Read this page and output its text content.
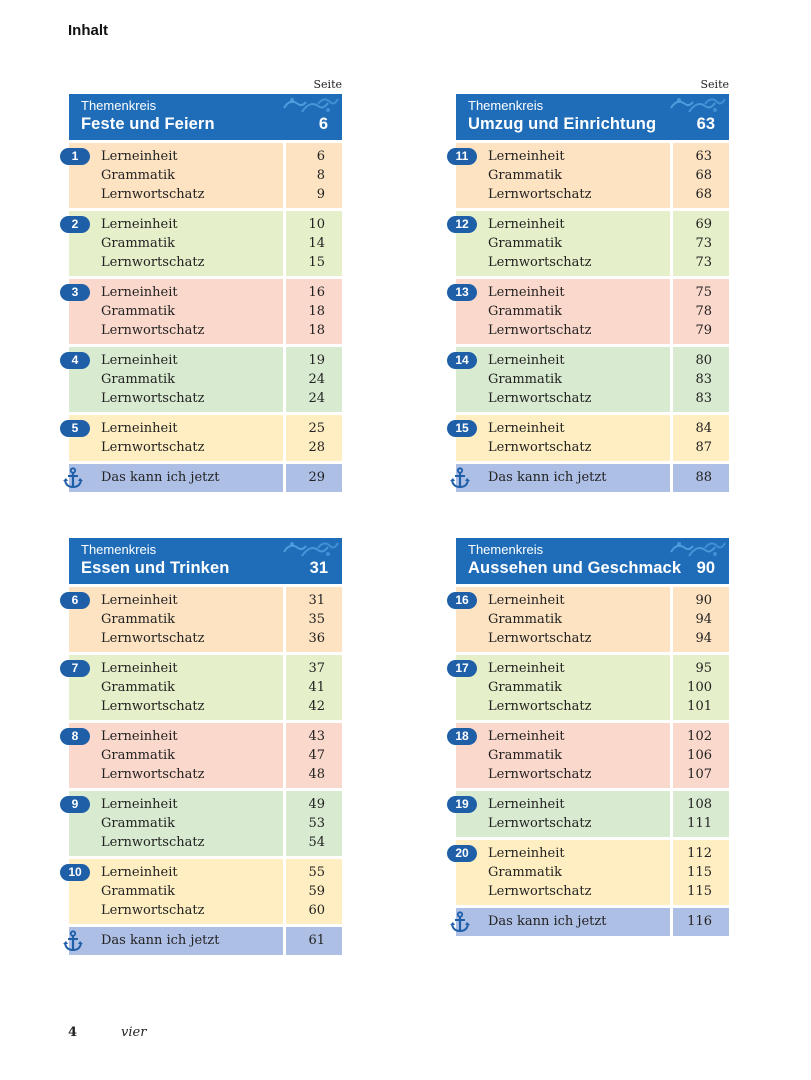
Inhalt
Seite
Themenkreis
Feste und Feiern	6
1	Lerneinheit	6
Grammatik	8
Lernwortschatz	9
2	Lerneinheit	10
Grammatik	14
Lernwortschatz	15
3	Lerneinheit	16
Grammatik	18
Lernwortschatz	18
4	Lerneinheit	19
Grammatik	24
Lernwortschatz	24
5	Lerneinheit	25
Lernwortschatz	28
Das kann ich jetzt	29
Seite
Themenkreis
Umzug und Einrichtung 63
11	Lerneinheit	63
Grammatik	68
Lernwortschatz	68
12	Lerneinheit	69
Grammatik	73
Lernwortschatz	73
13	Lerneinheit	75
Grammatik	78
Lernwortschatz	79
14	Lerneinheit	80
Grammatik	83
Lernwortschatz	83
15	Lerneinheit	84
Lernwortschatz	87
Das kann ich jetzt	88
Themenkreis
Essen und Trinken	31
6	Lerneinheit	31
Grammatik	35
Lernwortschatz	36
7	Lerneinheit	37
Grammatik	41
Lernwortschatz	42
8	Lerneinheit	43
Grammatik	47
Lernwortschatz	48
9	Lerneinheit	49
Grammatik	53
Lernwortschatz	54
10	Lerneinheit	55
Grammatik	59
Lernwortschatz	60
Das kann ich jetzt	61
Themenkreis
Aussehen und Geschmack 90
16	Lerneinheit	90
Grammatik	94
Lernwortschatz	94
17	Lerneinheit	95
Grammatik	100
Lernwortschatz	101
18	Lerneinheit	102
Grammatik	106
Lernwortschatz	107
19	Lerneinheit	108
Lernwortschatz	111
20	Lerneinheit	112
Grammatik	115
Lernwortschatz	115
Das kann ich jetzt	116
4	vier
